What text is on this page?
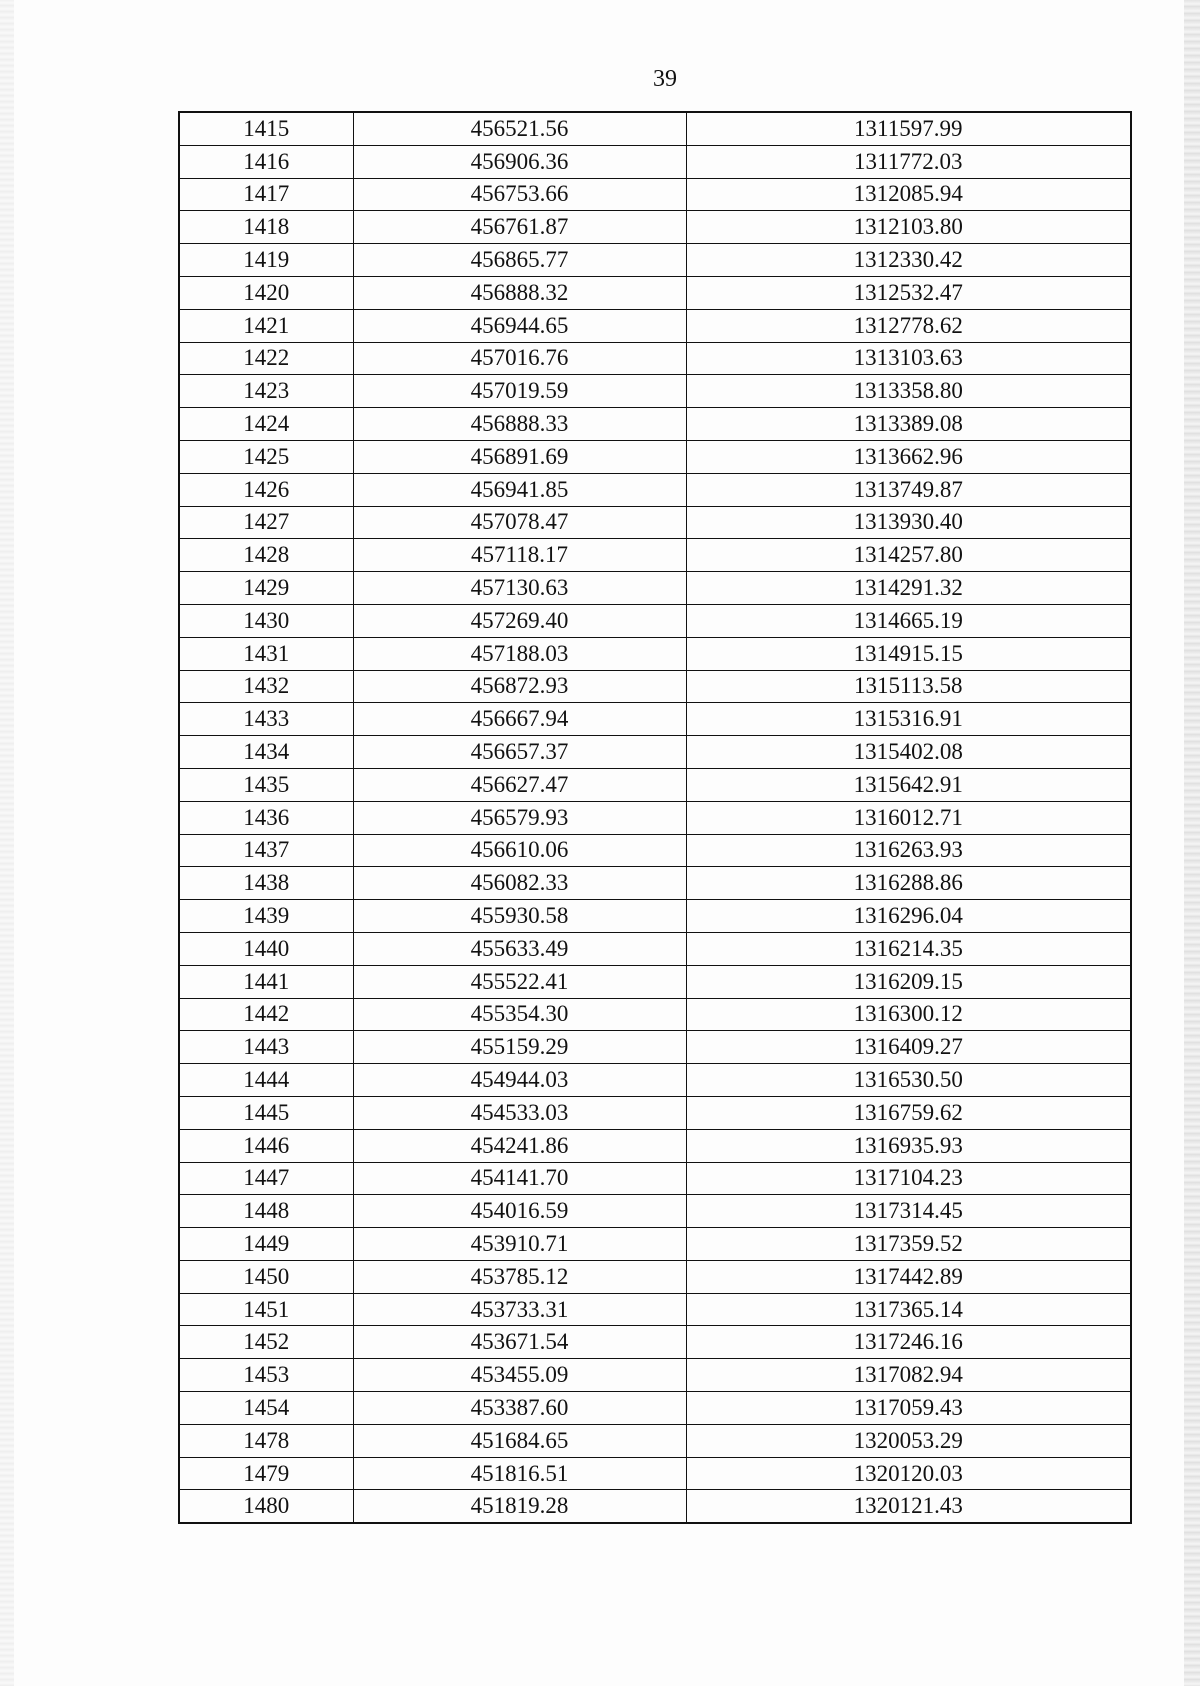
39
1415	456521.56	1311597.99
1416	456906.36	1311772.03
1417	456753.66	1312085.94
1418	456761.87	1312103.80
1419	456865.77	1312330.42
1420	456888.32	1312532.47
1421	456944.65	1312778.62
1422	457016.76	1313103.63
1423	457019.59	1313358.80
1424	456888.33	1313389.08
1425	456891.69	1313662.96
1426	456941.85	1313749.87
1427	457078.47	1313930.40
1428	457118.17	1314257.80
1429	457130.63	1314291.32
1430	457269.40	1314665.19
1431	457188.03	1314915.15
1432	456872.93	1315113.58
1433	456667.94	1315316.91
1434	456657.37	1315402.08
1435	456627.47	1315642.91
1436	456579.93	1316012.71
1437	456610.06	1316263.93
1438	456082.33	1316288.86
1439	455930.58	1316296.04
1440	455633.49	1316214.35
1441	455522.41	1316209.15
1442	455354.30	1316300.12
1443	455159.29	1316409.27
1444	454944.03	1316530.50
1445	454533.03	1316759.62
1446	454241.86	1316935.93
1447	454141.70	1317104.23
1448	454016.59	1317314.45
1449	453910.71	1317359.52
1450	453785.12	1317442.89
1451	453733.31	1317365.14
1452	453671.54	1317246.16
1453	453455.09	1317082.94
1454	453387.60	1317059.43
1478	451684.65	1320053.29
1479	451816.51	1320120.03
1480	451819.28	1320121.43
